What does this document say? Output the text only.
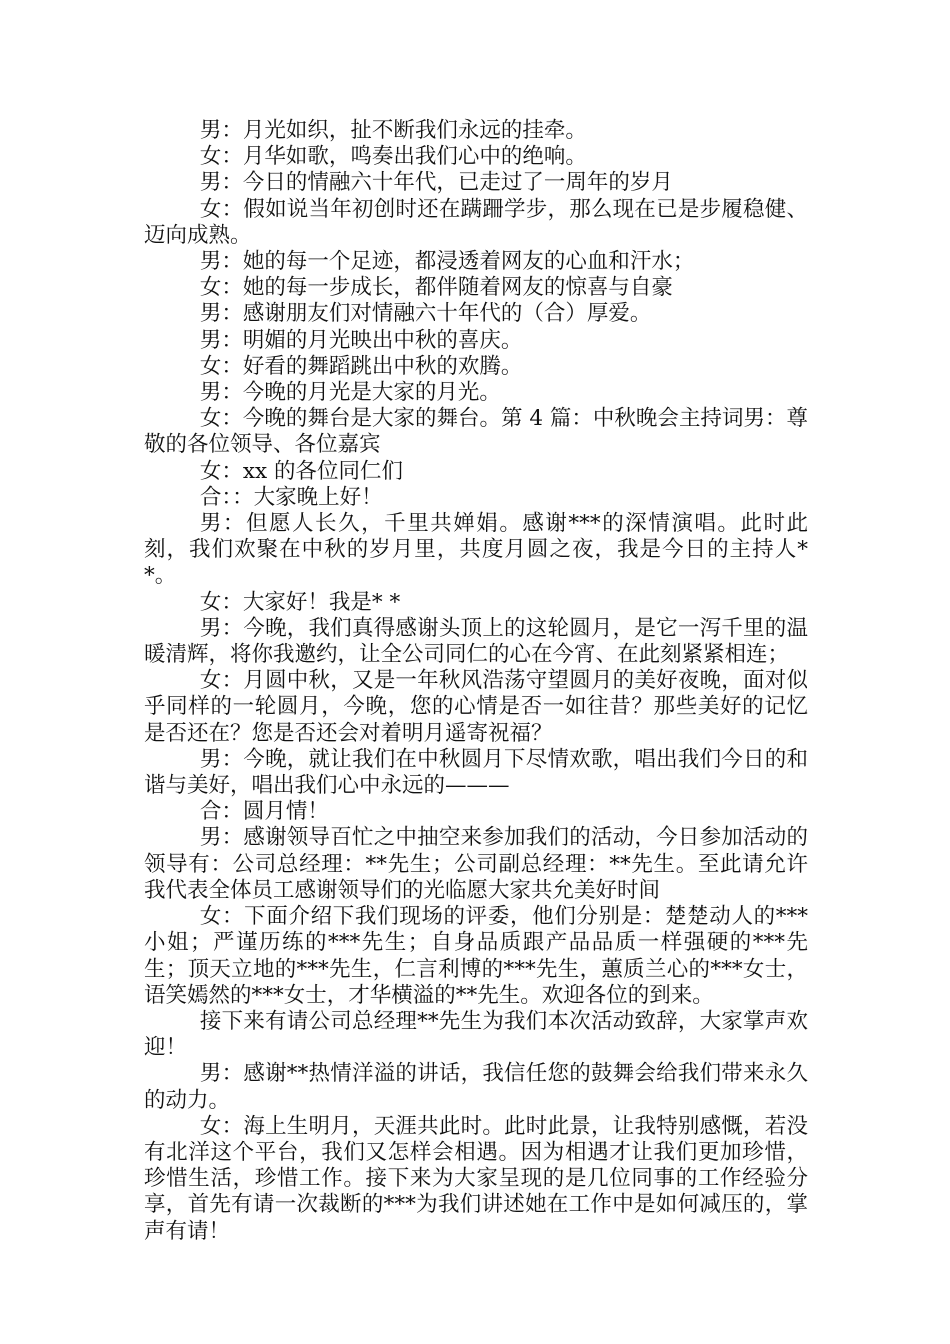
男：月光如织，扯不断我们永远的挂牵。

女：月华如歌，鸣奏出我们心中的绝响。

男：今日的情融六十年代，已走过了一周年的岁月

女：假如说当年初创时还在蹒跚学步，那么现在已是步履稳健、迈向成熟。

男：她的每一个足迹，都浸透着网友的心血和汗水；

女：她的每一步成长，都伴随着网友的惊喜与自豪

男：感谢朋友们对情融六十年代的（合）厚爱。

男：明媚的月光映出中秋的喜庆。

女：好看的舞蹈跳出中秋的欢腾。

男：今晚的月光是大家的月光。

女：今晚的舞台是大家的舞台。第 4 篇：中秋晚会主持词男：尊敬的各位领导、各位嘉宾

女：xx 的各位同仁们

合：：大家晚上好！

男：但愿人长久，千里共婵娟。感谢***的深情演唱。此时此刻，我们欢聚在中秋的岁月里，共度月圆之夜，我是今日的主持人**。

女：大家好！我是* *

男：今晚，我们真得感谢头顶上的这轮圆月，是它一泻千里的温暖清辉，将你我邀约，让全公司同仁的心在今宵、在此刻紧紧相连；

女：月圆中秋，又是一年秋风浩荡守望圆月的美好夜晚，面对似乎同样的一轮圆月，今晚，您的心情是否一如往昔？那些美好的记忆是否还在？您是否还会对着明月遥寄祝福？

男：今晚，就让我们在中秋圆月下尽情欢歌，唱出我们今日的和谐与美好，唱出我们心中永远的———

合：圆月情！

男：感谢领导百忙之中抽空来参加我们的活动，今日参加活动的领导有：公司总经理：**先生；公司副总经理：**先生。至此请允许我代表全体员工感谢领导们的光临愿大家共允美好时间

女：下面介绍下我们现场的评委，他们分别是：楚楚动人的***小姐；严谨历练的***先生；自身品质跟产品品质一样强硬的***先生；顶天立地的***先生，仁言利博的***先生，蕙质兰心的***女士，语笑嫣然的***女士，才华横溢的**先生。欢迎各位的到来。

接下来有请公司总经理**先生为我们本次活动致辞，大家掌声欢迎！

男：感谢**热情洋溢的讲话，我信任您的鼓舞会给我们带来永久的动力。

女：海上生明月，天涯共此时。此时此景，让我特别感慨，若没有北洋这个平台，我们又怎样会相遇。因为相遇才让我们更加珍惜，珍惜生活，珍惜工作。接下来为大家呈现的是几位同事的工作经验分享，首先有请一次裁断的***为我们讲述她在工作中是如何减压的，掌声有请！
